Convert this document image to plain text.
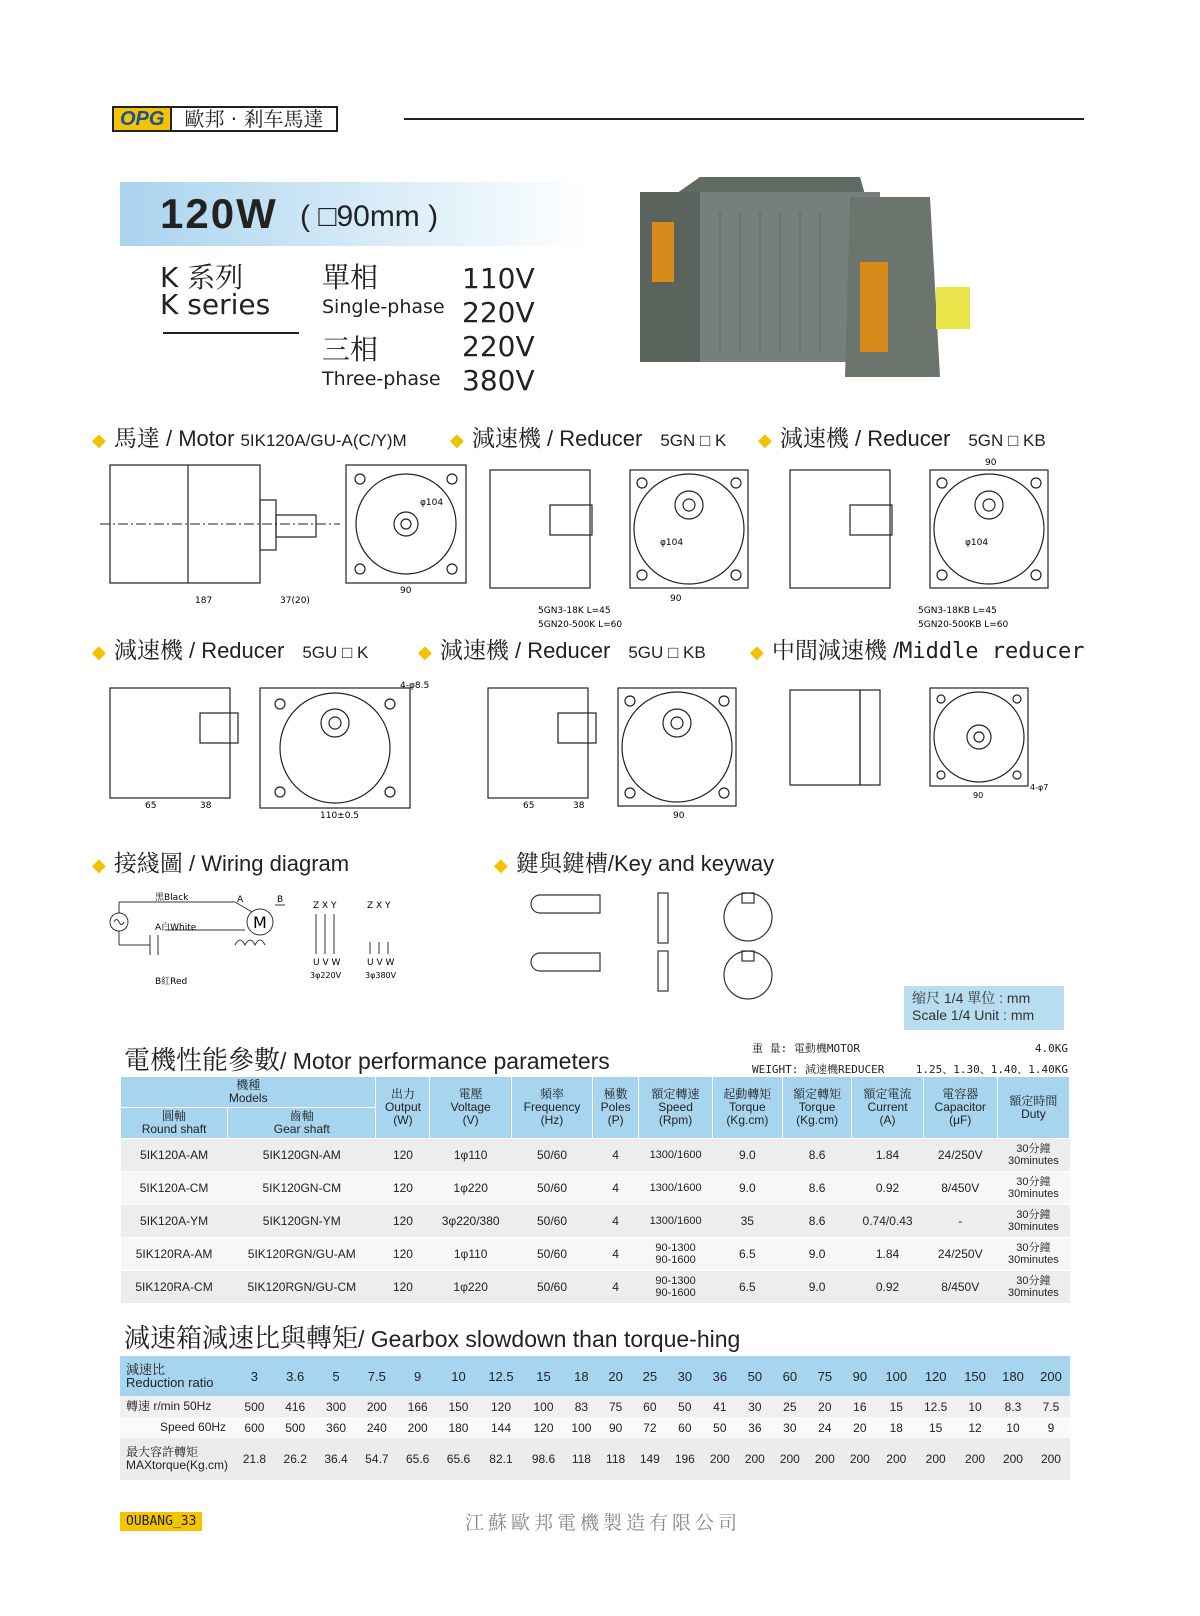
OPG	歐邦 · 剎车馬達
120W ( □90mm )
K 系列
K series
單相
Single-phase
110V
220V
三相
Three-phase
220V
380V
◆ 馬達 / Motor 5IK120A/GU-A(C/Y)M ◆ 減速機 / Reducer 5GN □ K ◆ 減速機 / Reducer 5GN □ KB
187	37(20)
90
φ104
5GN3-18K L=45
5GN20-500K L=60
90
φ104
5GN3-18KB L=45
5GN20-500KB L=60
90
φ104
◆ 減速機 / Reducer 5GU □ K	◆ 減速機 / Reducer 5GU □ KB ◆ 中間減速機 / Middle reducer
65	38
110±0.5
4-φ8.5
65	38
90
90
4-φ7
◆ 接綫圖 / Wiring diagram	◆ 鍵與鍵槽 / Key and keyway
黑Black
A白White
B紅Red
M
A	B
Z X Y
U V W
3φ220V
Z X Y
U V W
3φ380V
缩尺 1/4 單位 : mm
Scale 1/4 Unit : mm
電機性能參數/ Motor performance parameters	重 量: 電動機MOTOR	4.0KG
WEIGHT: 減速機REDUCER	1.25、1.30、1.40、1.40KG
機種
Models		出力
Output
(W)	電壓
Voltage
(V)	頻率
Frequency
(Hz)	極數
Poles
(P)	額定轉速
Speed
(Rpm)	起動轉矩
Torque
(Kg.cm)	額定轉矩
Torque
(Kg.cm)	額定電流
Current
(A)	電容器
Capacitor
(μF)	額定時間
Duty
圓軸
Round shaft	齒軸
Gear shaft										
5IK120A-AM	5IK120GN-AM	120	1φ110	50/60	4	1300/1600	9.0	8.6	1.84	24/250V	30分鐘
30minutes
5IK120A-CM	5IK120GN-CM	120	1φ220	50/60	4	1300/1600	9.0	8.6	0.92	8/450V	30分鐘
30minutes
5IK120A-YM	5IK120GN-YM	120	3φ220/380	50/60	4	1300/1600	35	8.6	0.74/0.43	-	30分鐘
30minutes
5IK120RA-AM	5IK120RGN/GU-AM	120	1φ110	50/60	4	90-1300
90-1600	6.5	9.0	1.84	24/250V	30分鐘
30minutes
5IK120RA-CM	5IK120RGN/GU-CM	120	1φ220	50/60	4	90-1300
90-1600	6.5	9.0	0.92	8/450V	30分鐘
30minutes
減速箱減速比與轉矩/ Gearbox slowdown than torque-hing
減速比
Reduction ratio	3	3.6	5	7.5	9	10	12.5	15	18	20	25	30	36	50	60	75	90	100	120	150	180	200
轉速 r/min 50Hz	500	416	300	200	166	150	120	100	83	75	60	50	41	30	25	20	16	15	12.5	10	8.3	7.5
Speed 60Hz	600	500	360	240	200	180	144	120	100	90	72	60	50	36	30	24	20	18	15	12	10	9
最大容許轉矩
MAXtorque(Kg.cm)	21.8	26.2	36.4	54.7	65.6	65.6	82.1	98.6	118	118	149	196	200	200	200	200	200	200	200	200	200	200
OUBANG_33	江蘇歐邦電機製造有限公司
